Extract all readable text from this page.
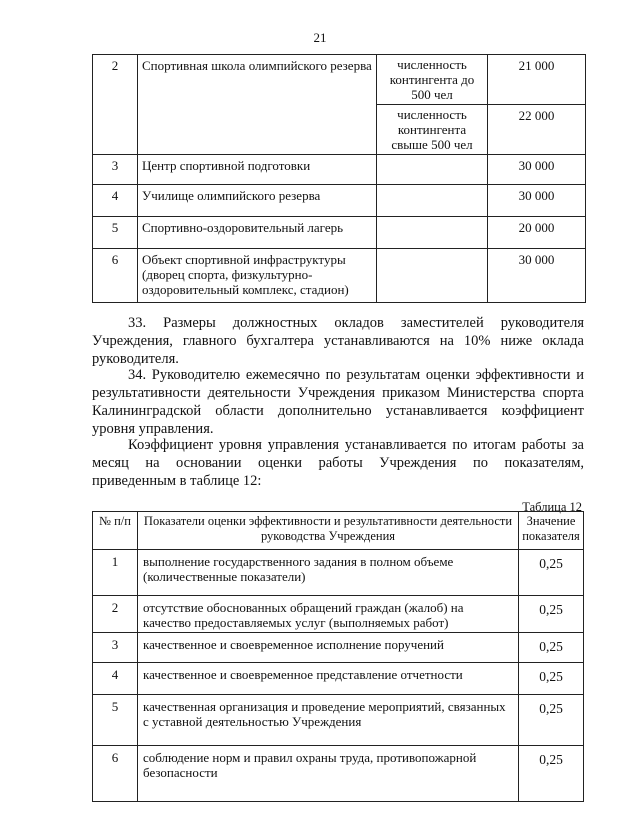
21
2	Спортивная школа олимпийского резерва	численность контингента до 500 чел	21 000
		численность контингента свыше 500 чел	22 000
3	Центр спортивной подготовки		30 000
4	Училище олимпийского резерва		30 000
5	Спортивно-оздоровительный лагерь		20 000
6	Объект спортивной инфраструктуры (дворец спорта, физкультурно-оздоровительный комплекс, стадион)		30 000
33. Размеры должностных окладов заместителей руководителя
Учреждения, главного бухгалтера устанавливаются на 10% ниже оклада
руководителя.
34. Руководителю ежемесячно по результатам оценки эффективности и
результативности деятельности Учреждения приказом Министерства спорта
Калининградской области дополнительно устанавливается коэффициент
уровня управления.
Коэффициент уровня управления устанавливается по итогам работы за
месяц на основании оценки работы Учреждения по показателям,
приведенным в таблице 12:
Таблица 12
№ п/п	Показатели оценки эффективности и результативности деятельности руководства Учреждения	Значение показателя
1	выполнение государственного задания в полном объеме (количественные показатели)	0,25
2	отсутствие обоснованных обращений граждан (жалоб) на качество предоставляемых услуг (выполняемых работ)	0,25
3	качественное и своевременное исполнение поручений	0,25
4	качественное и своевременное представление отчетности	0,25
5	качественная организация и проведение мероприятий, связанных с уставной деятельностью Учреждения	0,25
6	соблюдение норм и правил охраны труда, противопожарной безопасности	0,25
